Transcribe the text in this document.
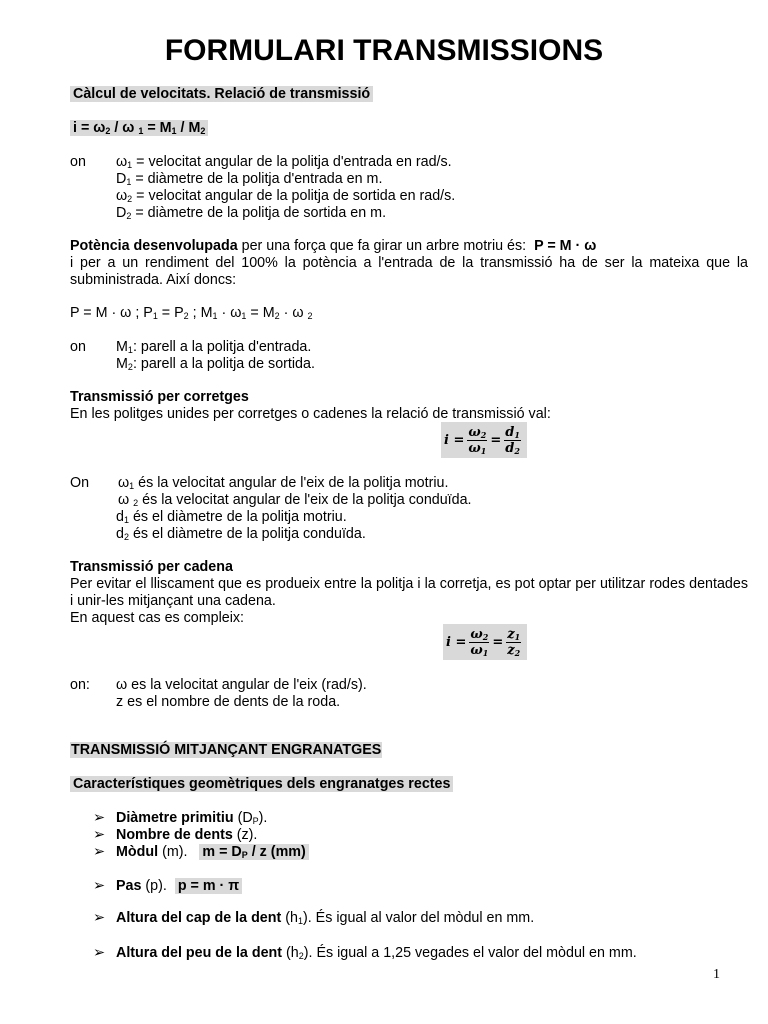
FORMULARI TRANSMISSIONS
Càlcul de velocitats. Relació de transmissió
$i = \omega_2 / \omega$ $_1 = M_1 / M_2$
on $\omega_1$ = velocitat angular de la politja d'entrada en rad/s.
$D_1$ = diàmetre de la politja d'entrada en m.
$\omega_2$ = velocitat angular de la politja de sortida en rad/s.
$D_2$ = diàmetre de la politja de sortida en m.
Potència desenvolupada per una força que fa girar un arbre motriu és: P = M · ω
i per a un rendiment del 100% la potència a l'entrada de la transmissió ha de ser la mateixa que la subministrada. Així doncs:
P = M · ω ; $P_1 = P_2$ ; $M_1 \cdot \omega_1 = M_2 \cdot \omega$ $_2$
on $M_1$: parell a la politja d'entrada.
$M_2$: parell a la politja de sortida.
Transmissió per corretges
En les politges unides per corretges o cadenes la relació de transmissió val:
i
= $\frac{\omega_2}{\omega_1} = \frac{d_1}{d_2}$
On $\omega_1$ és la velocitat angular de l'eix de la politja motriu.
ω $_2$ és la velocitat angular de l'eix de la politja conduïda.
$d_1$ és el diàmetre de la politja motriu.
$d_2$ és el diàmetre de la politja conduïda.
Transmissió per cadena
Per evitar el lliscament que es produeix entre la politja i la corretja, es pot optar per utilitzar rodes dentades i unir-les mitjançant una cadena.
En aquest cas es compleix:
i
= $\frac{\omega_2}{\omega_1} = \frac{z_1}{z_2}$
on: ω es la velocitat angular de l'eix (rad/s).
z es el nombre de dents de la roda.
TRANSMISSIÓ MITJANÇANT ENGRANATGES
Característiques geomètriques dels engranatges rectes
➢ Diàmetre primitiu $(D_P)$.
➢ Nombre de dents (z).
➢ Mòdul (m). $m = D_P / z$ (mm)
➢ Pas (p). p = m · π
➢ Altura del cap de la dent $(h_1)$. És igual al valor del mòdul en mm.
➢ Altura del peu de la dent $(h_2)$. És igual a 1,25 vegades el valor del mòdul en mm.
1
